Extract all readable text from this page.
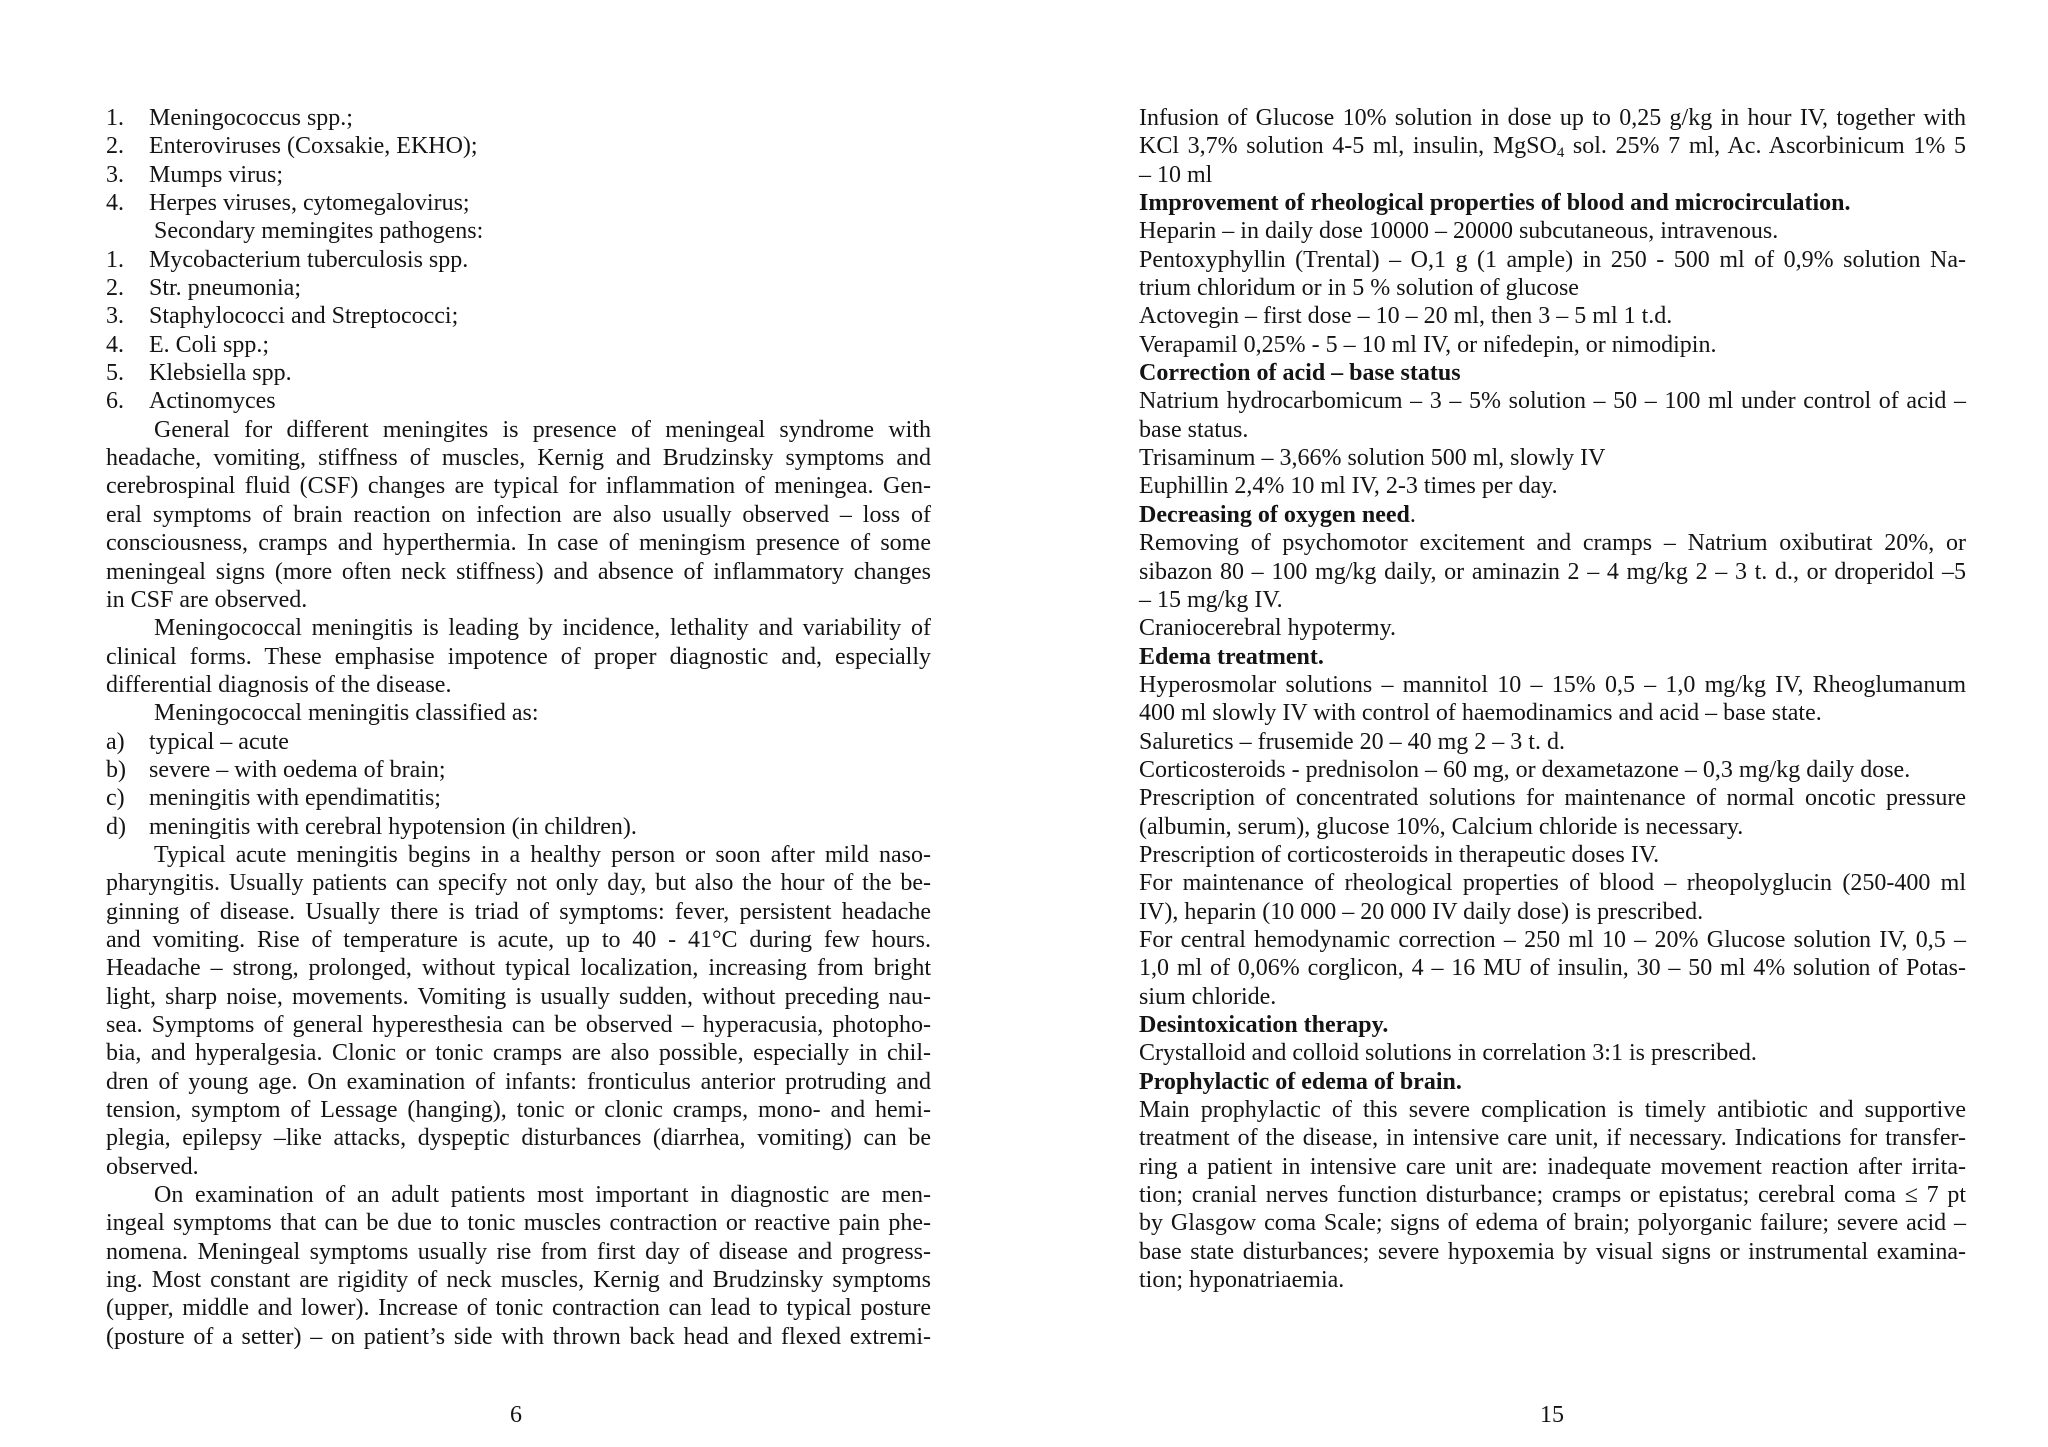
1. Meningococcus spp.;
2. Enteroviruses (Coxsakie, EKHO);
3. Mumps virus;
4. Herpes viruses, cytomegalovirus;
Secondary memingites pathogens:
1. Mycobacterium tuberculosis spp.
2. Str. pneumonia;
3. Staphylococci and Streptococci;
4. E. Coli spp.;
5. Klebsiella spp.
6. Actinomyces
General for different meningites is presence of meningeal syndrome with
headache, vomiting, stiffness of muscles, Kernig and Brudzinsky symptoms and
cerebrospinal fluid (CSF) changes are typical for inflammation of meningea. Gen-
eral symptoms of brain reaction on infection are also usually observed – loss of
consciousness, cramps and hyperthermia. In case of meningism presence of some
meningeal signs (more often neck stiffness) and absence of inflammatory changes
in CSF are observed.
Meningococcal meningitis is leading by incidence, lethality and variability of
clinical forms. These emphasise impotence of proper diagnostic and, especially
differential diagnosis of the disease.
Meningococcal meningitis classified as:
a) typical – acute
b) severe – with oedema of brain;
c) meningitis with ependimatitis;
d) meningitis with cerebral hypotension (in children).
Typical acute meningitis begins in a healthy person or soon after mild naso-
pharyngitis. Usually patients can specify not only day, but also the hour of the be-
ginning of disease. Usually there is triad of symptoms: fever, persistent headache
and vomiting. Rise of temperature is acute, up to 40 - 41°C during few hours.
Headache – strong, prolonged, without typical localization, increasing from bright
light, sharp noise, movements. Vomiting is usually sudden, without preceding nau-
sea. Symptoms of general hyperesthesia can be observed – hyperacusia, photopho-
bia, and hyperalgesia. Clonic or tonic cramps are also possible, especially in chil-
dren of young age. On examination of infants: fronticulus anterior protruding and
tension, symptom of Lessage (hanging), tonic or clonic cramps, mono- and hemi-
plegia, epilepsy –like attacks, dyspeptic disturbances (diarrhea, vomiting) can be
observed.
On examination of an adult patients most important in diagnostic are men-
ingeal symptoms that can be due to tonic muscles contraction or reactive pain phe-
nomena. Meningeal symptoms usually rise from first day of disease and progress-
ing. Most constant are rigidity of neck muscles, Kernig and Brudzinsky symptoms
(upper, middle and lower). Increase of tonic contraction can lead to typical posture
(posture of a setter) – on patient’s side with thrown back head and flexed extremi-
6
Infusion of Glucose 10% solution in dose up to 0,25 g/kg in hour IV, together with
KCl 3,7% solution 4-5 ml, insulin, MgSO$_4$ sol. 25% 7 ml, Ac. Ascorbinicum 1% 5
– 10 ml
Improvement of rheological properties of blood and microcirculation.
Heparin – in daily dose 10000 – 20000 subcutaneous, intravenous.
Pentoxyphyllin (Trental) – O,1 g (1 ample) in 250 - 500 ml of 0,9% solution Na-
trium chloridum or in 5 % solution of glucose
Actovegin – first dose – 10 – 20 ml, then 3 – 5 ml 1 t.d.
Verapamil 0,25% - 5 – 10 ml IV, or nifedepin, or nimodipin.
Correction of acid – base status
Natrium hydrocarbomicum – 3 – 5% solution – 50 – 100 ml under control of acid –
base status.
Trisaminum – 3,66% solution 500 ml, slowly IV
Euphillin 2,4% 10 ml IV, 2-3 times per day.
Decreasing of oxygen need.
Removing of psychomotor excitement and cramps – Natrium oxibutirat 20%, or
sibazon 80 – 100 mg/kg daily, or aminazin 2 – 4 mg/kg 2 – 3 t. d., or droperidol –5
– 15 mg/kg IV.
Craniocerebral hypotermy.
Edema treatment.
Hyperosmolar solutions – mannitol 10 – 15% 0,5 – 1,0 mg/kg IV, Rheoglumanum
400 ml slowly IV with control of haemodinamics and acid – base state.
Saluretics – frusemide 20 – 40 mg 2 – 3 t. d.
Corticosteroids - prednisolon – 60 mg, or dexametazone – 0,3 mg/kg daily dose.
Prescription of concentrated solutions for maintenance of normal oncotic pressure
(albumin, serum), glucose 10%, Calcium chloride is necessary.
Prescription of corticosteroids in therapeutic doses IV.
For maintenance of rheological properties of blood – rheopolyglucin (250-400 ml
IV), heparin (10 000 – 20 000 IV daily dose) is prescribed.
For central hemodynamic correction – 250 ml 10 – 20% Glucose solution IV, 0,5 –
1,0 ml of 0,06% corglicon, 4 – 16 MU of insulin, 30 – 50 ml 4% solution of Potas-
sium chloride.
Desintoxication therapy.
Crystalloid and colloid solutions in correlation 3:1 is prescribed.
Prophylactic of edema of brain.
Main prophylactic of this severe complication is timely antibiotic and supportive
treatment of the disease, in intensive care unit, if necessary. Indications for transfer-
ring a patient in intensive care unit are: inadequate movement reaction after irrita-
tion; cranial nerves function disturbance; cramps or epistatus; cerebral coma ≤ 7 pt
by Glasgow coma Scale; signs of edema of brain; polyorganic failure; severe acid –
base state disturbances; severe hypoxemia by visual signs or instrumental examina-
tion; hyponatriaemia.
15
